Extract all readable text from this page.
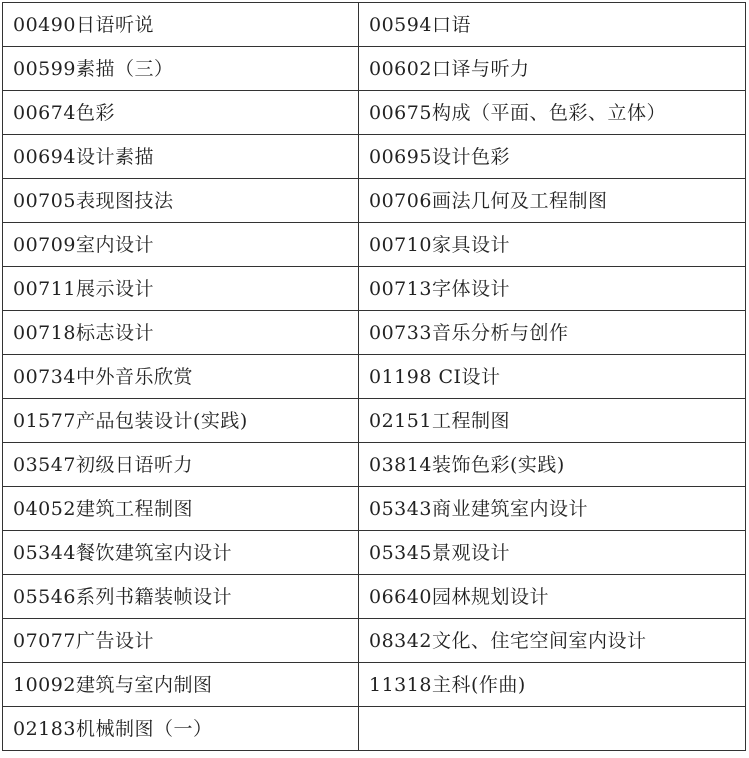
00490日语听说	00594口语
00599素描（三）	00602口译与听力
00674色彩	00675构成（平面、色彩、立体）
00694设计素描	00695设计色彩
00705表现图技法	00706画法几何及工程制图
00709室内设计	00710家具设计
00711展示设计	00713字体设计
00718标志设计	00733音乐分析与创作
00734中外音乐欣赏	01198 CI设计
01577产品包装设计(实践)	02151工程制图
03547初级日语听力	03814装饰色彩(实践)
04052建筑工程制图	05343商业建筑室内设计
05344餐饮建筑室内设计	05345景观设计
05546系列书籍装帧设计	06640园林规划设计
07077广告设计	08342文化、住宅空间室内设计
10092建筑与室内制图	11318主科(作曲)
02183机械制图（一）	
